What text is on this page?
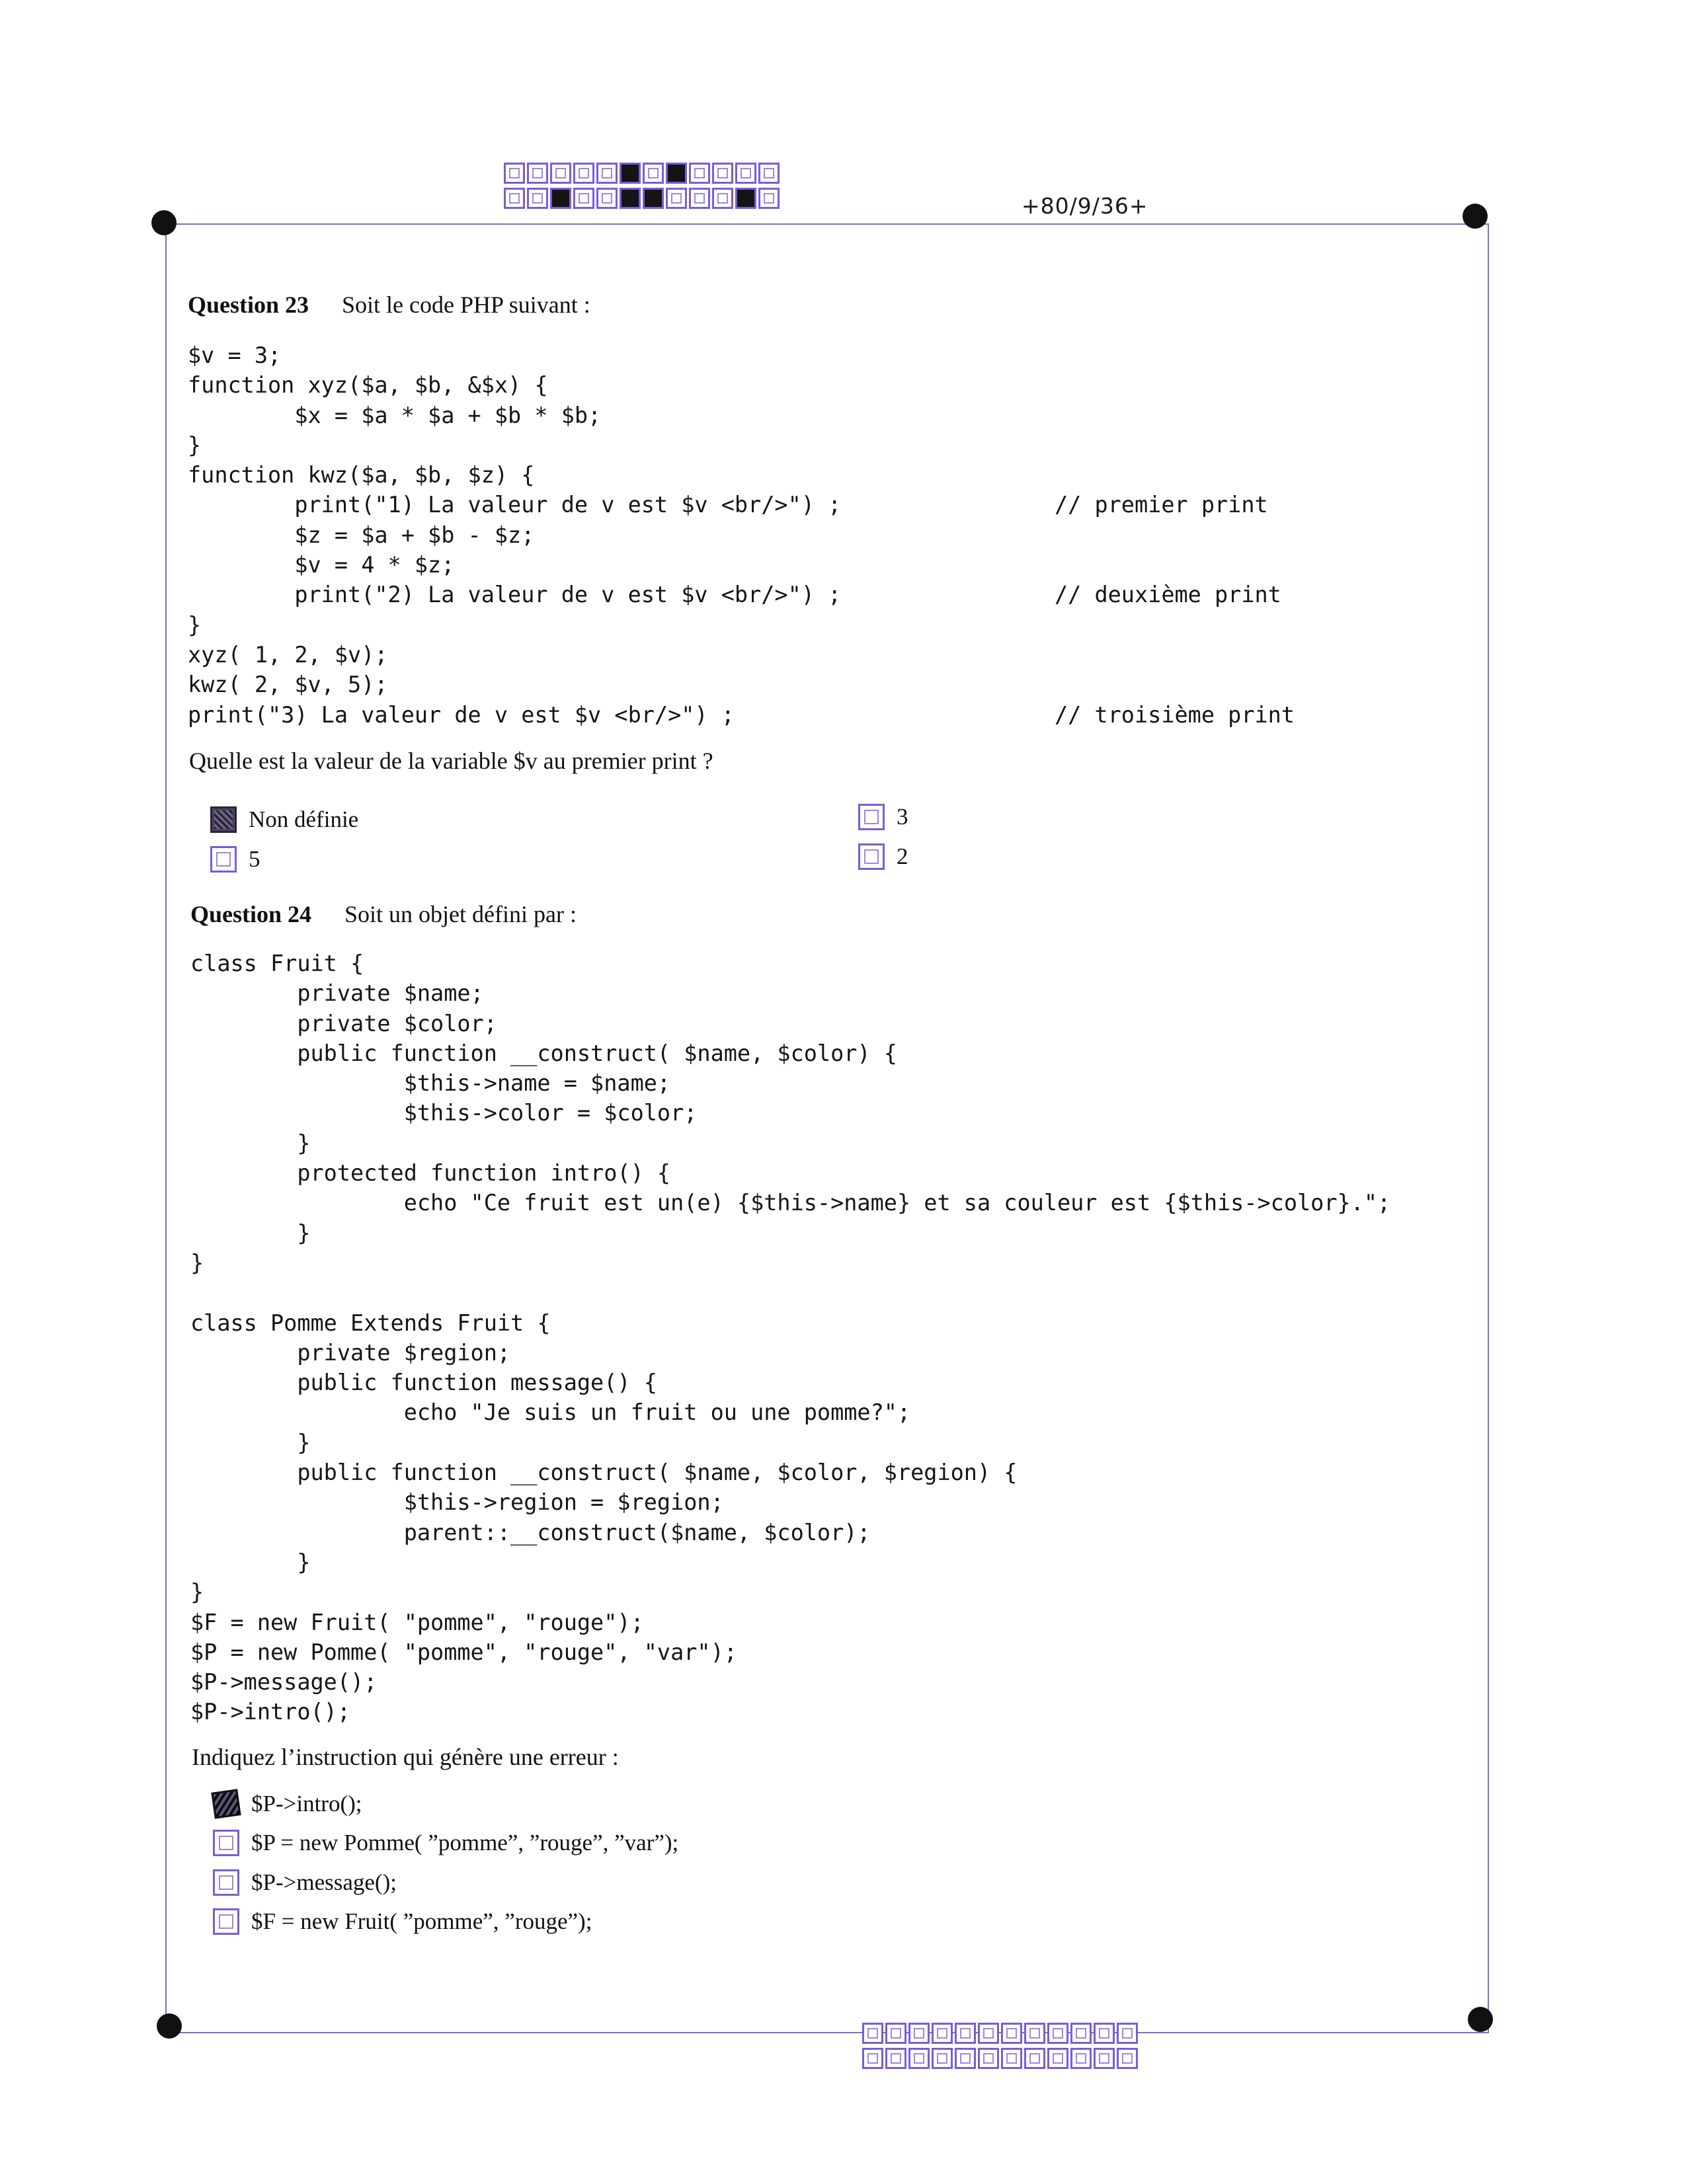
+80/9/36+
Question 23 Soit le code PHP suivant :
$v = 3;
function xyz($a, $b, &$x) {
$x = $a * $a + $b * $b;
}
function kwz($a, $b, $z) {
print("1) La valeur de v est $v <br/>") ;                // premier print
$z = $a + $b - $z;
$v = 4 * $z;
print("2) La valeur de v est $v <br/>") ;                // deuxième print
}
xyz( 1, 2, $v);
kwz( 2, $v, 5);
print("3) La valeur de v est $v <br/>") ;                        // troisième print
Quelle est la valeur de la variable $v au premier print ?
Non définie	3
5	2
Question 24 Soit un objet défini par :
class Fruit {
private $name;
private $color;
public function __construct( $name, $color) {
$this->name = $name;
$this->color = $color;
}
protected function intro() {
echo "Ce fruit est un(e) {$this->name} et sa couleur est {$this->color}.";
}
}

class Pomme Extends Fruit {
private $region;
public function message() {
echo "Je suis un fruit ou une pomme?";
}
public function __construct( $name, $color, $region) {
$this->region = $region;
parent::__construct($name, $color);
}
}
$F = new Fruit( "pomme", "rouge");
$P = new Pomme( "pomme", "rouge", "var");
$P->message();
$P->intro();
Indiquez l’instruction qui génère une erreur :
$P->intro();
$P = new Pomme( ”pomme”, ”rouge”, ”var”);
$P->message();
$F = new Fruit( ”pomme”, ”rouge”);
